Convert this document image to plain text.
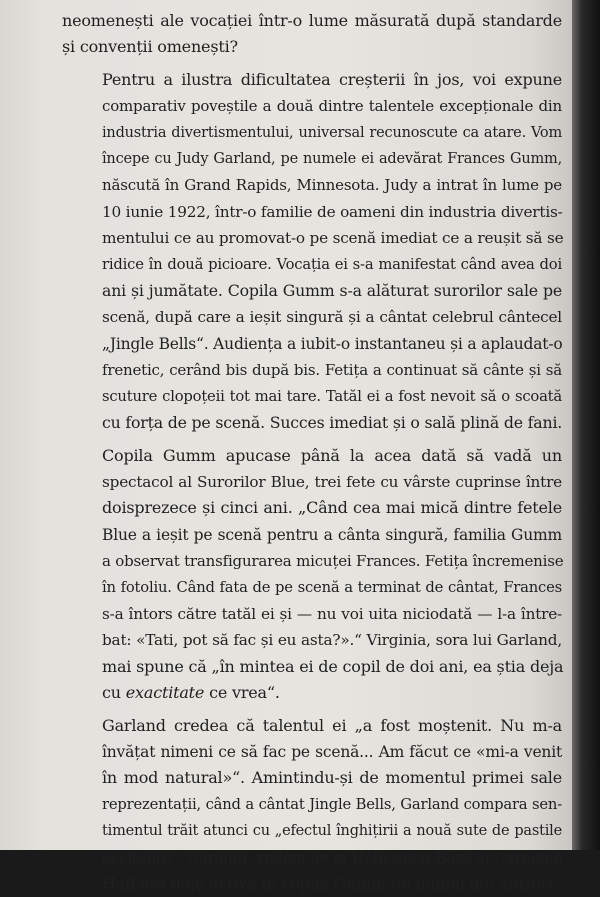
neomenești ale vocației într-o lume măsurată după standarde
și convenții omenești?

Pentru a ilustra dificultatea creșterii în jos, voi expune
comparativ poveștile a două dintre talentele excepționale din
industria divertismentului, universal recunoscute ca atare. Vom
începe cu Judy Garland, pe numele ei adevărat Frances Gumm,
născută în Grand Rapids, Minnesota. Judy a intrat în lume pe
10 iunie 1922, într-o familie de oameni din industria divertis-
mentului ce au promovat-o pe scenă imediat ce a reușit să se
ridice în două picioare. Vocația ei s-a manifestat când avea doi
ani și jumătate. Copila Gumm s-a alăturat surorilor sale pe
scenă, după care a ieșit singură și a cântat celebrul cântecel
„Jingle Bells“. Audiența a iubit-o instantaneu și a aplaudat-o
frenetic, cerând bis după bis. Fetița a continuat să cânte și să
scuture clopoțeii tot mai tare. Tatăl ei a fost nevoit să o scoată
cu forța de pe scenă. Succes imediat și o sală plină de fani.

Copila Gumm apucase până la acea dată să vadă un
spectacol al Surorilor Blue, trei fete cu vârste cuprinse între
doisprezece și cinci ani. „Când cea mai mică dintre fetele
Blue a ieșit pe scenă pentru a cânta singură, familia Gumm
a observat transfigurarea micuței Frances. Fetița încremenise
în fotoliu. Când fata de pe scenă a terminat de cântat, Frances
s-a întors către tatăl ei și — nu voi uita niciodată — l-a între-
bat: «Tati, pot să fac și eu asta?».“ Virginia, sora lui Garland,
mai spune că „în mintea ei de copil de doi ani, ea știa deja
cu exactitate ce vrea“.

Garland credea că talentul ei „a fost moștenit. Nu m-a
învățat nimeni ce să fac pe scenă... Am făcut ce «mi-a venit
în mod natural»“. Amintindu-și de momentul primei sale
reprezentații, când a cântat Jingle Bells, Garland compara sen-
timentul trăit atunci cu „efectul înghițirii a nouă sute de pastile
excitante“. Garland, vedeta de la Hollywood Bowl și Carnegie
Hall era deja activă în copila Gumm de numai doi anișori.
